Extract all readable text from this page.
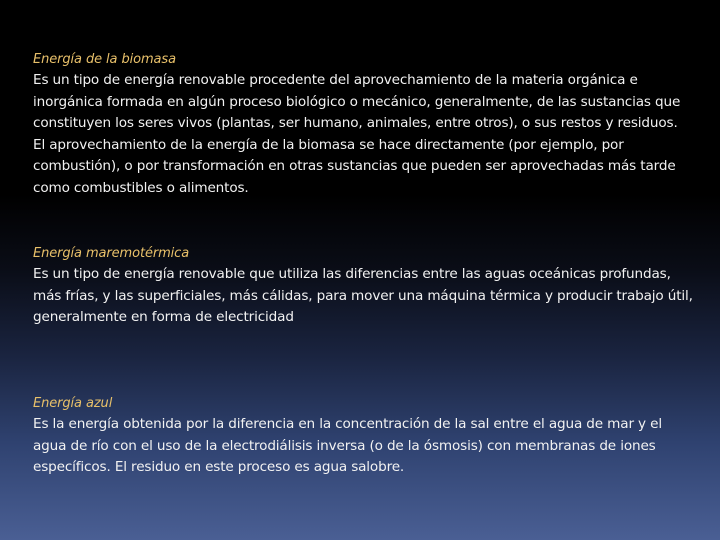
Energía de la biomasa

Es un tipo de energía renovable procedente del aprovechamiento de la materia orgánica e inorgánica formada en algún proceso biológico o mecánico, generalmente, de las sustancias que constituyen los seres vivos (plantas, ser humano, animales, entre otros), o sus restos y residuos. El aprovechamiento de la energía de la biomasa se hace directamente (por ejemplo, por combustión), o por transformación en otras sustancias que pueden ser aprovechadas más tarde como combustibles o alimentos.

Energía maremotérmica

Es un tipo de energía renovable que utiliza las diferencias entre las aguas oceánicas profundas, más frías, y las superficiales, más cálidas, para mover una máquina térmica y producir trabajo útil, generalmente en forma de electricidad

Energía azul

Es la energía obtenida por la diferencia en la concentración de la sal entre el agua de mar y el agua de río con el uso de la electrodiálisis inversa (o de la ósmosis) con membranas de iones específicos. El residuo en este proceso es agua salobre.
